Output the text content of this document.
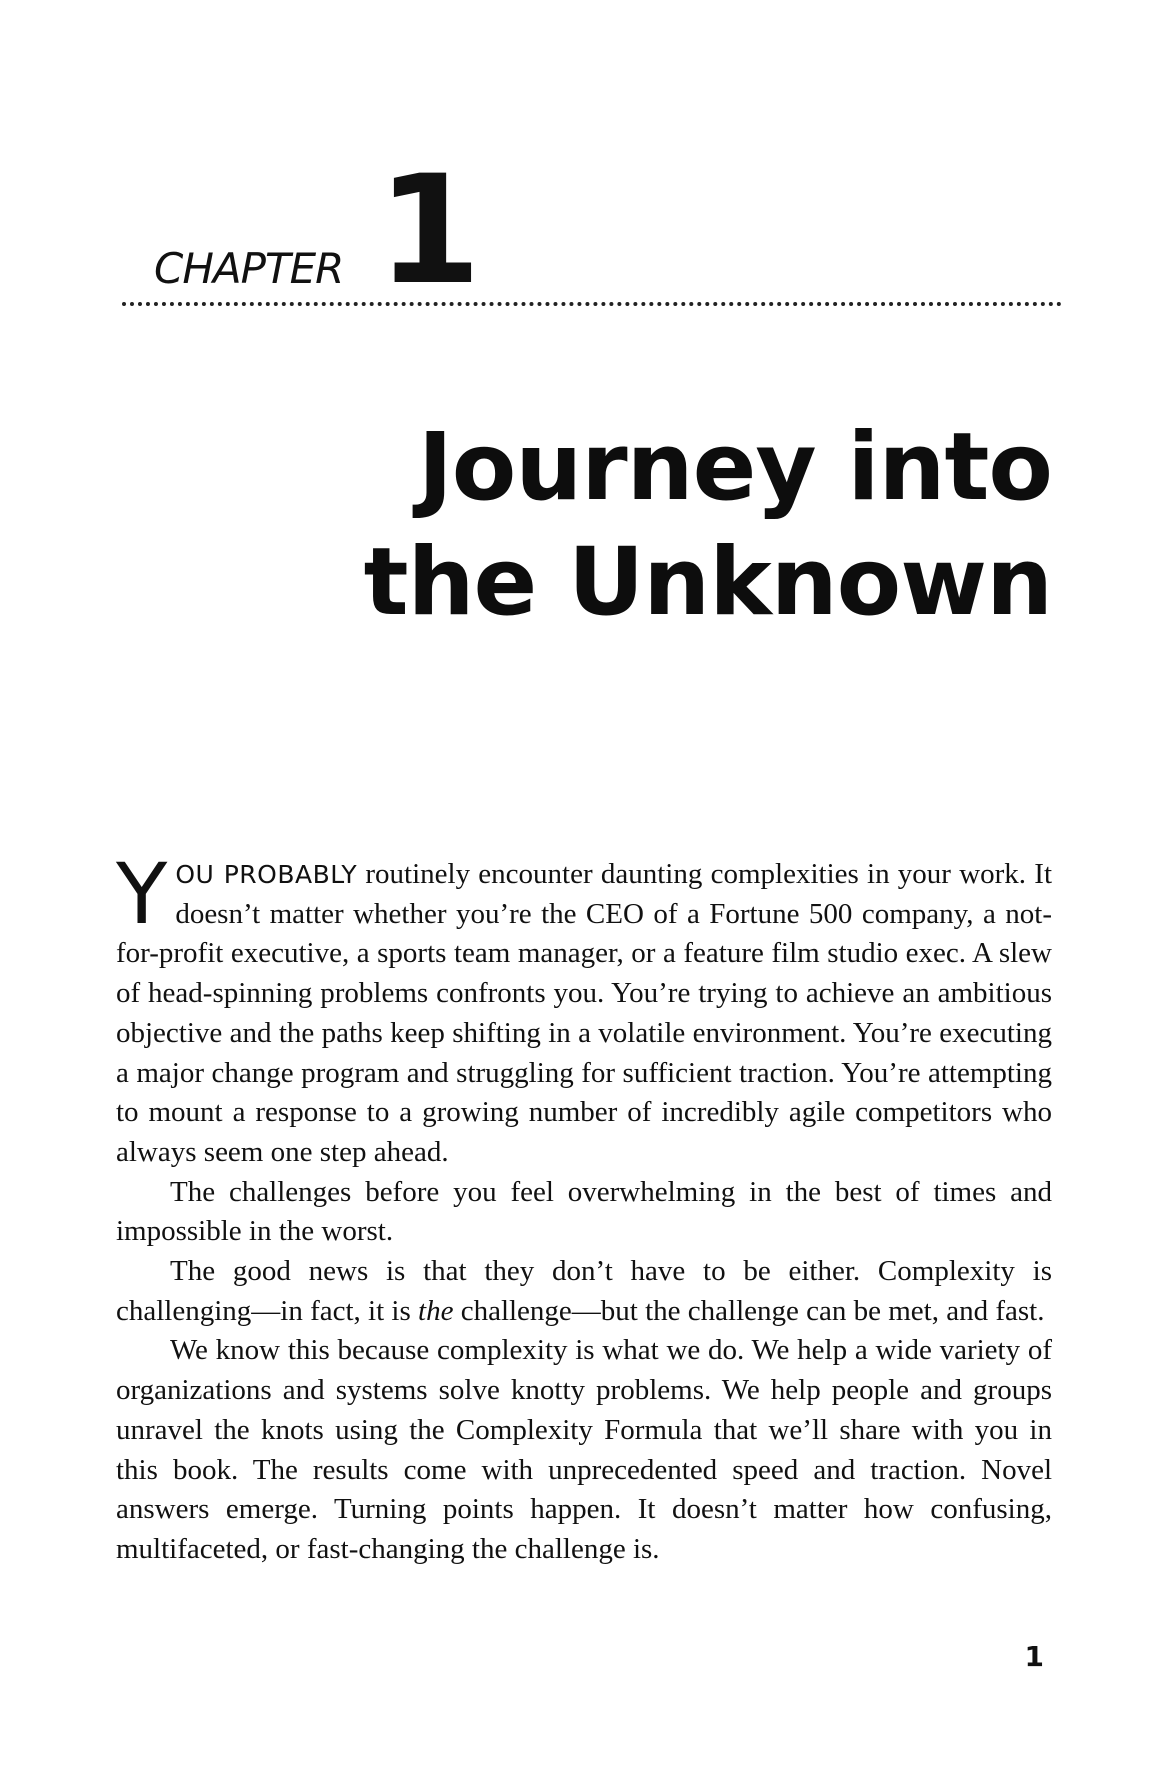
CHAPTER 1
Journey into
the Unknown

YOU PROBABLY routinely encounter daunting complexities in your work. It doesn’t matter whether you’re the CEO of a Fortune 500 company, a not-for-profit executive, a sports team manager, or a feature film studio exec. A slew of head-spinning problems confronts you. You’re trying to achieve an ambitious objective and the paths keep shifting in a volatile environment. You’re executing a major change program and struggling for sufficient traction. You’re attempting to mount a response to a growing number of incredibly agile competitors who always seem one step ahead.

The challenges before you feel overwhelming in the best of times and impossible in the worst.

The good news is that they don’t have to be either. Complexity is challenging—in fact, it is the challenge—but the challenge can be met, and fast.

We know this because complexity is what we do. We help a wide variety of organizations and systems solve knotty problems. We help people and groups unravel the knots using the Complexity Formula that we’ll share with you in this book. The results come with unprecedented speed and traction. Novel answers emerge. Turning points happen. It doesn’t matter how confusing, multifaceted, or fast-changing the challenge is.

1
